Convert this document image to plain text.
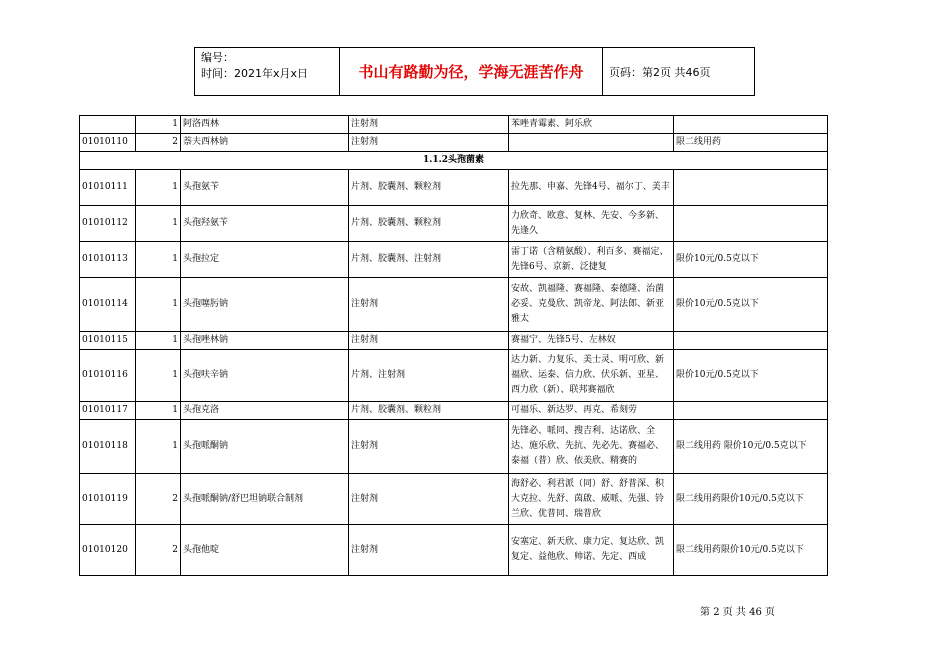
编号：
时间：2021年x月x日	书山有路勤为径，学海无涯苦作舟	页码：第2页 共46页
	1	阿洛西林	注射剂	苯唑青霉素、阿乐欣	
01010110	2	萘夫西林钠	注射剂		限二线用药
1.1.2头孢菌素					
01010111	1	头孢氨苄	片剂、胶囊剂、颗粒剂	拉先那、申嘉、先锋4号、福尔丁、美丰	
01010112	1	头孢羟氨苄	片剂、胶囊剂、颗粒剂	力欣奇、欧意、复林、先安、今多新、先逢久	
01010113	1	头孢拉定	片剂、胶囊剂、注射剂	雷丁诺（含精氨酸）、利百多、赛福定、先锋6号、京新、泛捷复	限价10元/0.5克以下
01010114	1	头孢噻肟钠	注射剂	安故、凯福隆、赛福隆、泰德隆、治菌必妥、克曼欣、凯帝龙、阿法郎、新亚雅太	限价10元/0.5克以下
01010115	1	头孢唑林钠	注射剂	赛福宁、先锋5号、左林奴	
01010116	1	头孢呋辛钠	片剂、注射剂	达力新、力复乐、美士灵、明可欣、新福欣、运泰、信力欣、伏乐新、亚星、西力欣（新）、联邦赛福欣	限价10元/0.5克以下
01010117	1	头孢克洛	片剂、胶囊剂、颗粒剂	可福乐、新达罗、再克、希刻劳	
01010118	1	头孢哌酮钠	注射剂	先锋必、哌同、搜吉利、达诺欣、全达、施乐欣、先抗、先必先、赛福必、泰福（普）欣、依美欣、精赛的	限二线用药 限价10元/0.5克以下
01010119	2	头孢哌酮钠/舒巴坦钠联合制剂	注射剂	海舒必、利君派（同）舒、舒普深、积大克拉、先舒、茵啟、威哌、先强、铃兰欣、优普同、瑞普欣	限二线用药限价10元/0.5克以下
01010120	2	头孢他啶	注射剂	安塞定、新天欣、康力定、复达欣、凯复定、益他欣、帅诺、先定、西成	限二线用药限价10元/0.5克以下
第 2 页 共 46 页
